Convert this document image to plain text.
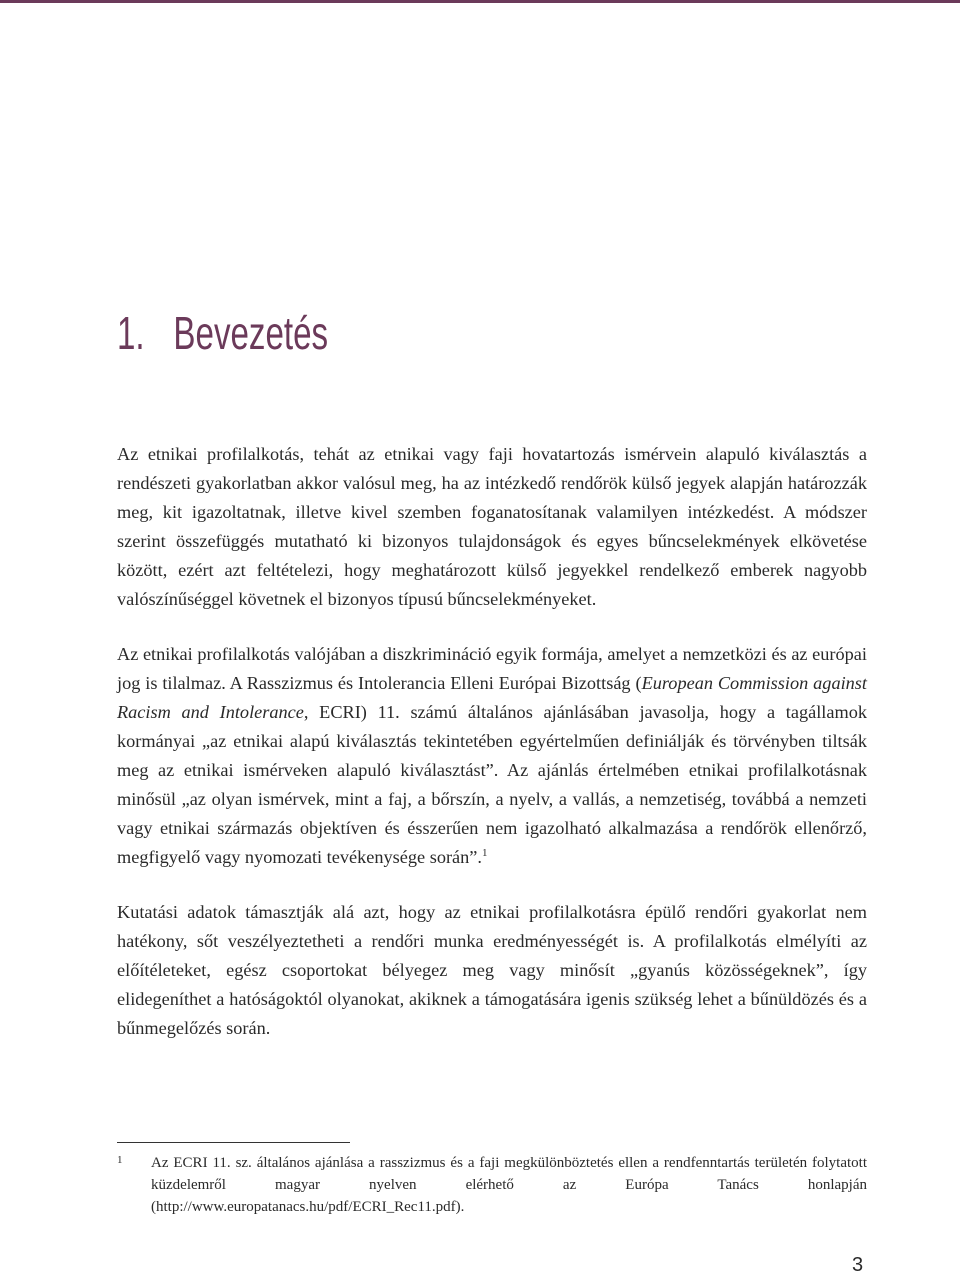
1. Bevezetés

Az etnikai profilalkotás, tehát az etnikai vagy faji hovatartozás ismérvein alapuló kiválasztás a rendészeti gyakorlatban akkor valósul meg, ha az intézkedő rendőrök külső jegyek alapján határozzák meg, kit igazoltatnak, illetve kivel szemben foganatosítanak valamilyen intézkedést. A módszer szerint összefüggés mutatható ki bizonyos tulajdonságok és egyes bűncselekmények elkövetése között, ezért azt feltételezi, hogy meghatározott külső jegyekkel rendelkező emberek nagyobb valószínűséggel követnek el bizonyos típusú bűncselekményeket.

Az etnikai profilalkotás valójában a diszkrimináció egyik formája, amelyet a nemzetközi és az európai jog is tilalmaz. A Rasszizmus és Intolerancia Elleni Európai Bizottság (European Commission against Racism and Intolerance, ECRI) 11. számú általános ajánlásában javasolja, hogy a tagállamok kormányai „az etnikai alapú kiválasztás tekintetében egyértelműen definiálják és törvényben tiltsák meg az etnikai ismérveken alapuló kiválasztást”. Az ajánlás értelmében etnikai profilalkotásnak minősül „az olyan ismérvek, mint a faj, a bőrszín, a nyelv, a vallás, a nemzetiség, továbbá a nemzeti vagy etnikai származás objektíven és ésszerűen nem igazolható alkalmazása a rendőrök ellenőrző, megfigyelő vagy nyomozati tevékenysége során”.$^1$

Kutatási adatok támasztják alá azt, hogy az etnikai profilalkotásra épülő rendőri gyakorlat nem hatékony, sőt veszélyeztetheti a rendőri munka eredményességét is. A profilalkotás elmélyíti az előítéleteket, egész csoportokat bélyegez meg vagy minősít „gyanús közösségeknek”, így elidegeníthet a hatóságoktól olyanokat, akiknek a támogatására igenis szükség lehet a bűnüldözés és a bűnmegelőzés során.

1 Az ECRI 11. sz. általános ajánlása a rasszizmus és a faji megkülönböztetés ellen a rendfenntartás területén folytatott küzdelemről magyar nyelven elérhető az Európa Tanács honlapján (http://www.europatanacs.hu/pdf/ECRI_Rec11.pdf).
3
